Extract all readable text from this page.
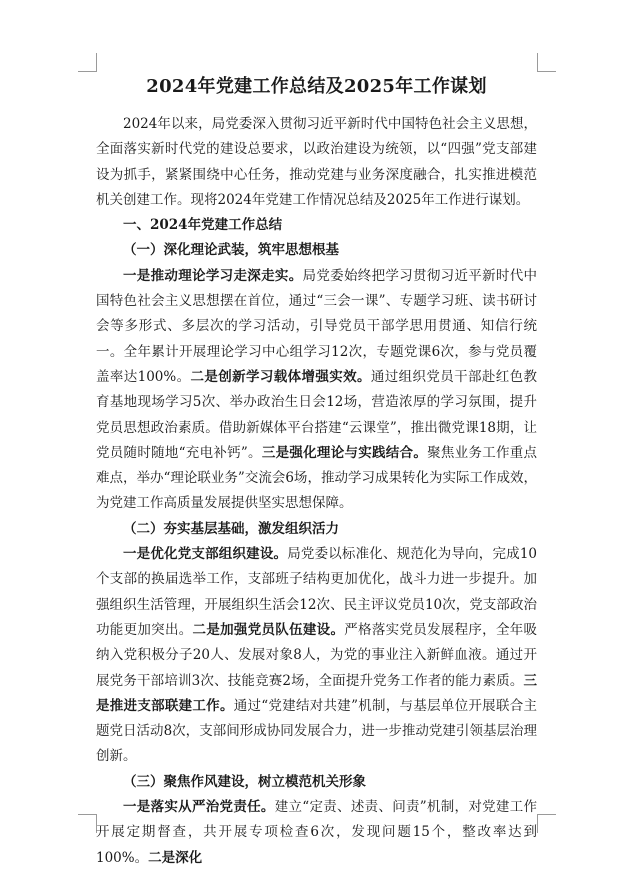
2024年党建工作总结及2025年工作谋划

2024年以来，局党委深入贯彻习近平新时代中国特色社会主义思想，全面落实新时代党的建设总要求，以政治建设为统领，以“四强”党支部建设为抓手，紧紧围绕中心任务，推动党建与业务深度融合，扎实推进模范机关创建工作。现将2024年党建工作情况总结及2025年工作进行谋划。

一、2024年党建工作总结

（一）深化理论武装，筑牢思想根基

一是推动理论学习走深走实。局党委始终把学习贯彻习近平新时代中国特色社会主义思想摆在首位，通过“三会一课”、专题学习班、读书研讨会等多形式、多层次的学习活动，引导党员干部学思用贯通、知信行统一。全年累计开展理论学习中心组学习12次，专题党课6次，参与党员覆盖率达100%。二是创新学习载体增强实效。通过组织党员干部赴红色教育基地现场学习5次、举办政治生日会12场，营造浓厚的学习氛围，提升党员思想政治素质。借助新媒体平台搭建“云课堂”，推出微党课18期，让党员随时随地“充电补钙”。三是强化理论与实践结合。聚焦业务工作重点难点，举办“理论联业务”交流会6场，推动学习成果转化为实际工作成效，为党建工作高质量发展提供坚实思想保障。

（二）夯实基层基础，激发组织活力

一是优化党支部组织建设。局党委以标准化、规范化为导向，完成10个支部的换届选举工作，支部班子结构更加优化，战斗力进一步提升。加强组织生活管理，开展组织生活会12次、民主评议党员10次，党支部政治功能更加突出。二是加强党员队伍建设。严格落实党员发展程序，全年吸纳入党积极分子20人、发展对象8人，为党的事业注入新鲜血液。通过开展党务干部培训3次、技能竞赛2场，全面提升党务工作者的能力素质。三是推进支部联建工作。通过“党建结对共建”机制，与基层单位开展联合主题党日活动8次，支部间形成协同发展合力，进一步推动党建引领基层治理创新。

（三）聚焦作风建设，树立模范机关形象

一是落实从严治党责任。建立“定责、述责、问责”机制，对党建工作开展定期督查，共开展专项检查6次，发现问题15个，整改率达到100%。二是深化
